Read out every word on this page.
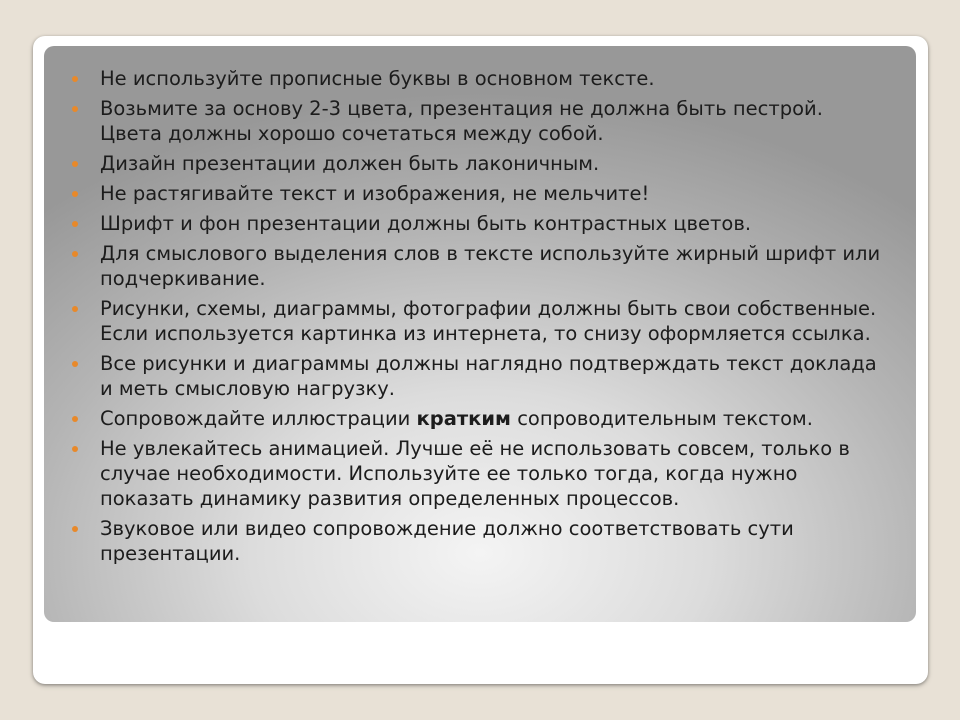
Не используйте прописные буквы в основном тексте.
Возьмите за основу 2-3 цвета, презентация не должна быть пестрой. Цвета должны хорошо сочетаться между собой.
Дизайн презентации должен быть лаконичным.
Не растягивайте текст и изображения, не мельчите!
Шрифт и фон презентации должны быть контрастных цветов.
Для смыслового выделения слов в тексте используйте жирный шрифт или подчеркивание.
Рисунки, схемы, диаграммы, фотографии должны быть свои собственные. Если используется картинка из интернета, то снизу оформляется ссылка.
Все рисунки и диаграммы должны наглядно подтверждать текст доклада и меть смысловую нагрузку.
Сопровождайте иллюстрации кратким сопроводительным текстом.
Не увлекайтесь анимацией. Лучше её не использовать совсем, только в случае необходимости. Используйте ее только тогда, когда нужно показать динамику развития определенных процессов.
Звуковое или видео сопровождение должно соответствовать сути презентации.
